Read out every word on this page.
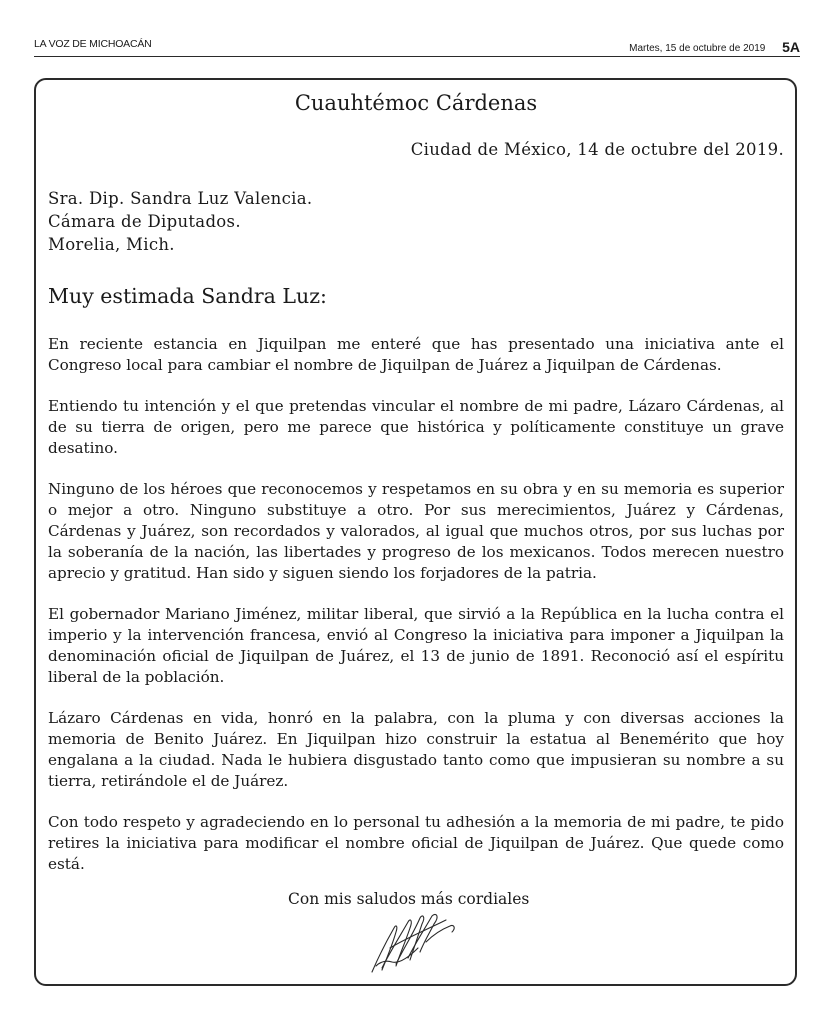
LA VOZ DE MICHOACÁN	Martes, 15 de octubre de 2019 5A
Cuauhtémoc Cárdenas
Ciudad de México, 14 de octubre del 2019.
Sra. Dip. Sandra Luz Valencia.
Cámara de Diputados.
Morelia, Mich.
Muy estimada Sandra Luz:

En reciente estancia en Jiquilpan me enteré que has presentado una iniciativa ante el Congreso local para cambiar el nombre de Jiquilpan de Juárez a Jiquilpan de Cárdenas.

Entiendo tu intención y el que pretendas vincular el nombre de mi padre, Lázaro Cárdenas, al de su tierra de origen, pero me parece que histórica y políticamente constituye un grave desatino.

Ninguno de los héroes que reconocemos y respetamos en su obra y en su memoria es superior o mejor a otro. Ninguno substituye a otro. Por sus merecimientos, Juárez y Cárdenas, Cárdenas y Juárez, son recordados y valorados, al igual que muchos otros, por sus luchas por la soberanía de la nación, las libertades y progreso de los mexicanos. Todos merecen nuestro aprecio y gratitud. Han sido y siguen siendo los forjadores de la patria.

El gobernador Mariano Jiménez, militar liberal, que sirvió a la República en la lucha contra el imperio y la intervención francesa, envió al Congreso la iniciativa para imponer a Jiquilpan la denominación oficial de Jiquilpan de Juárez, el 13 de junio de 1891. Reconoció así el espíritu liberal de la población.

Lázaro Cárdenas en vida, honró en la palabra, con la pluma y con diversas acciones la memoria de Benito Juárez. En Jiquilpan hizo construir la estatua al Benemérito que hoy engalana a la ciudad. Nada le hubiera disgustado tanto como que impusieran su nombre a su tierra, retirándole el de Juárez.

Con todo respeto y agradeciendo en lo personal tu adhesión a la memoria de mi padre, te pido retires la iniciativa para modificar el nombre oficial de Jiquilpan de Juárez. Que quede como está.

Con mis saludos más cordiales
